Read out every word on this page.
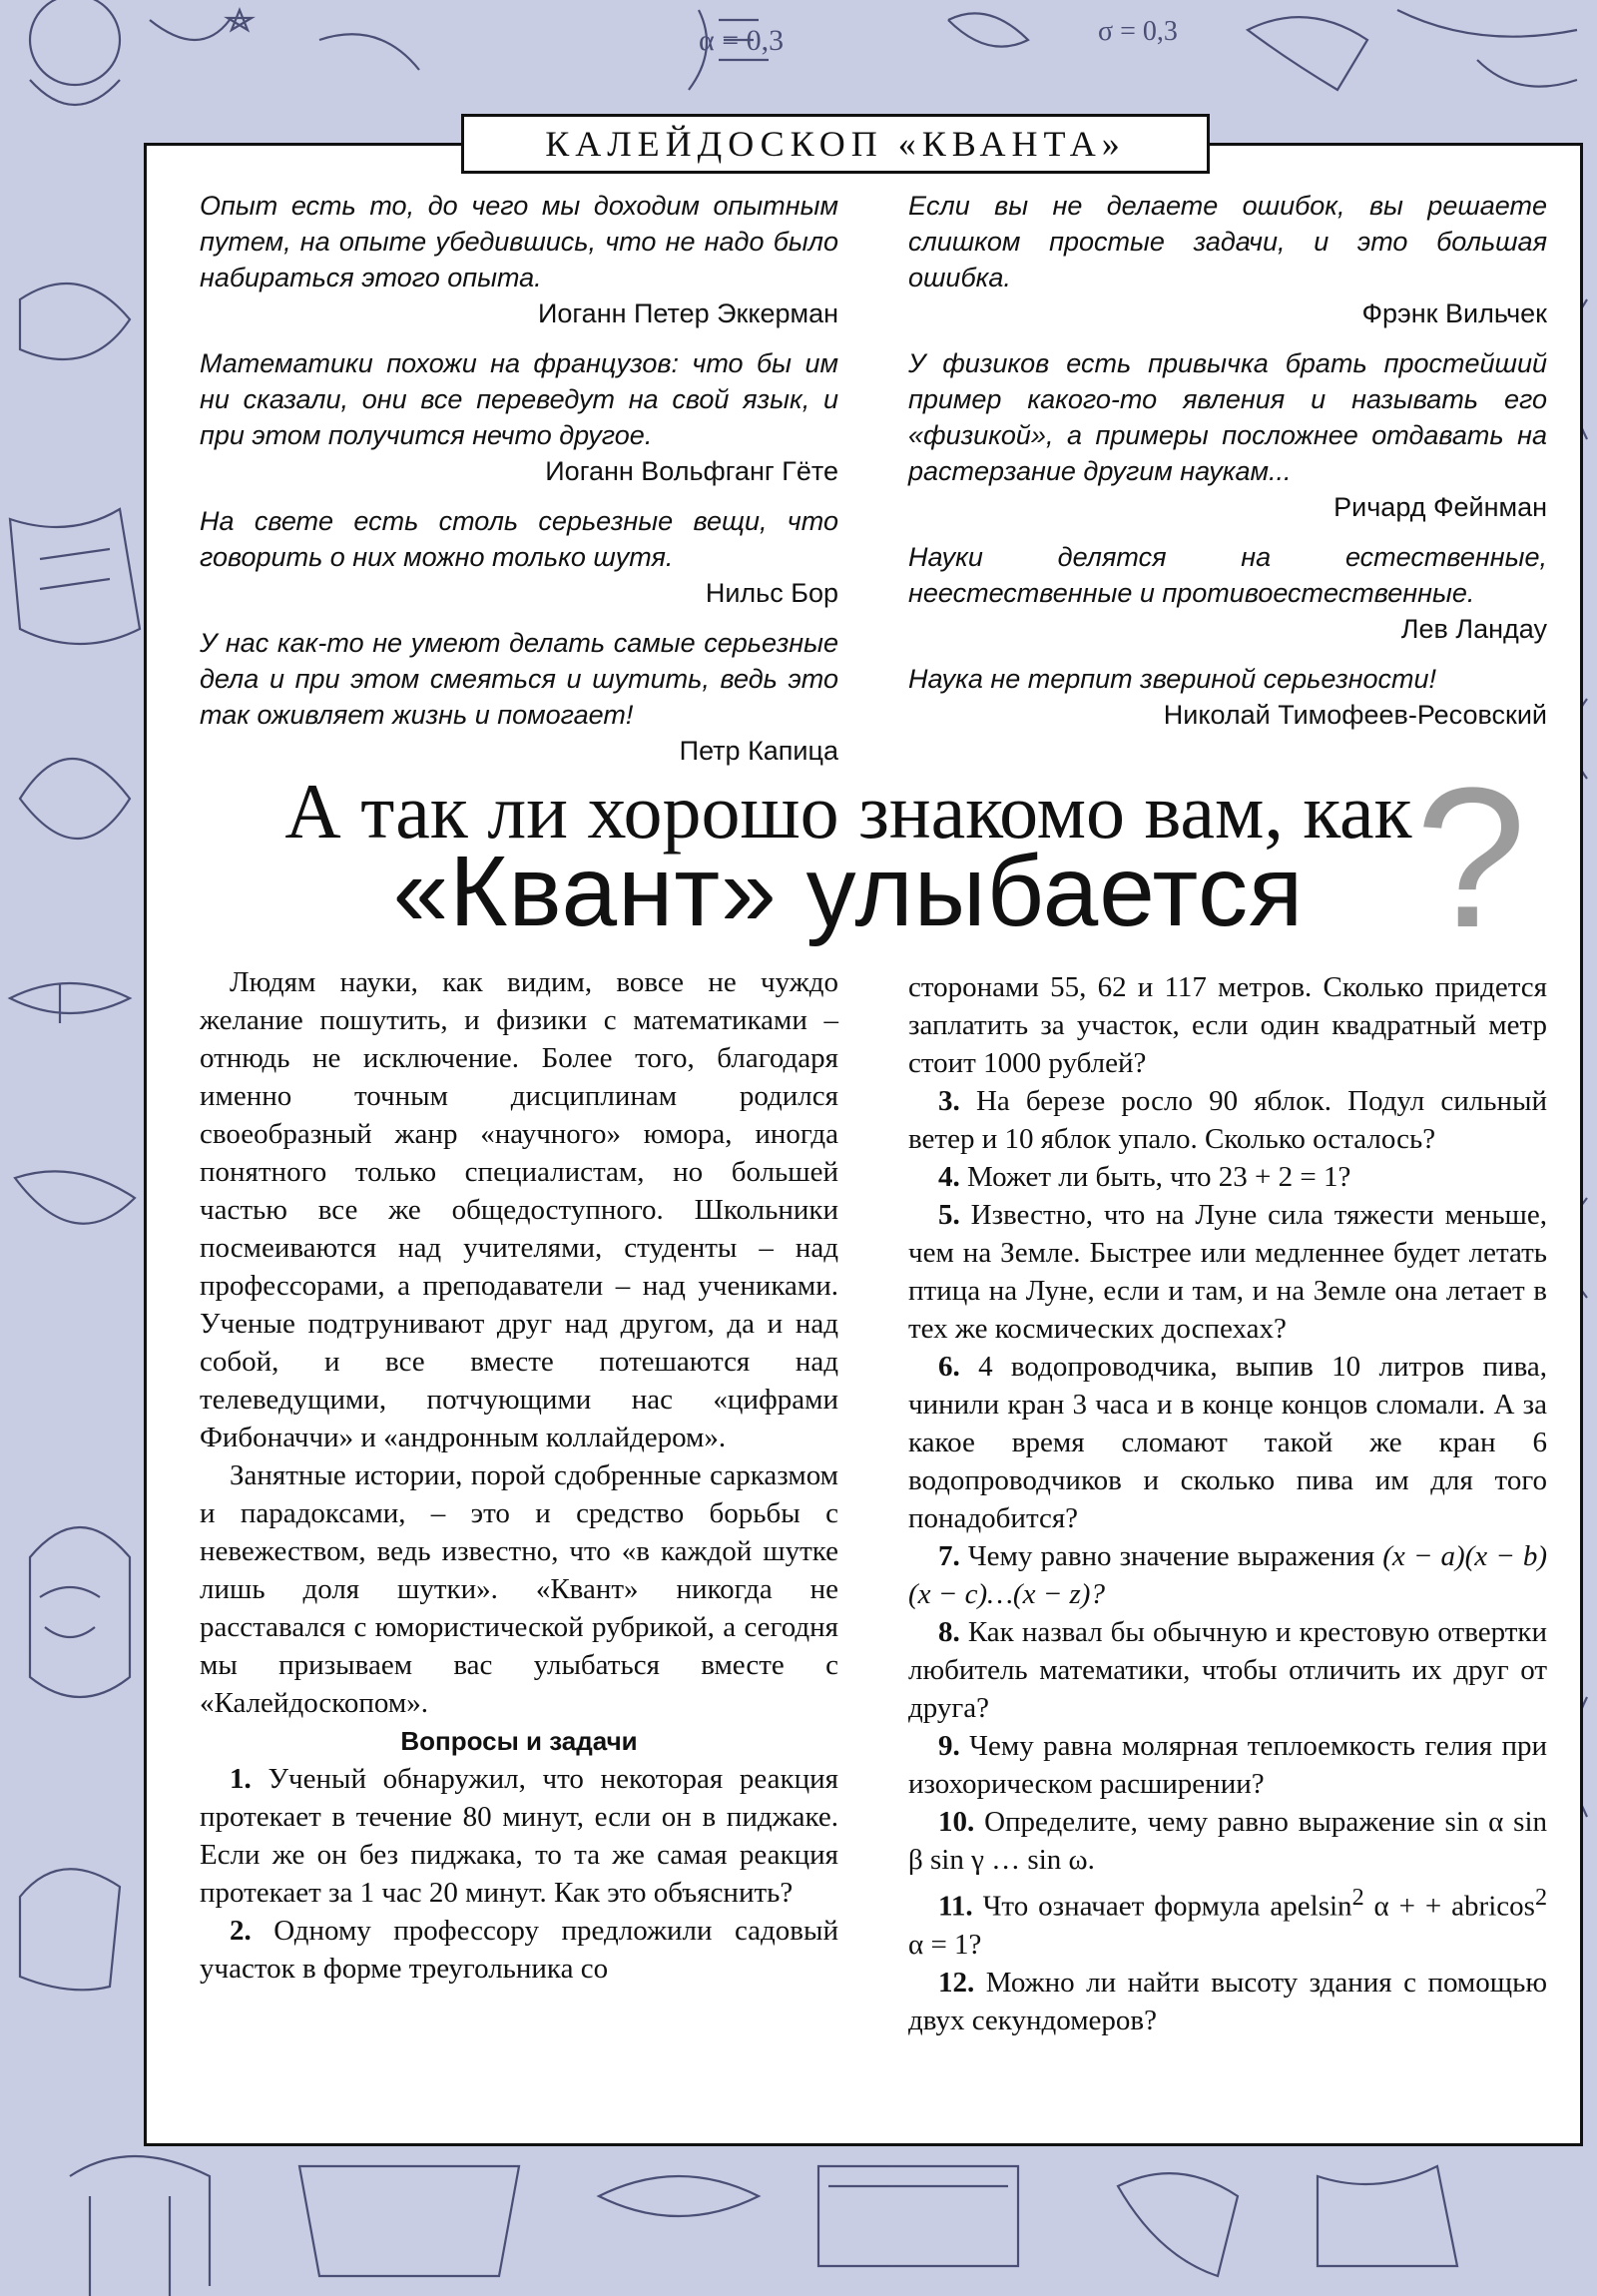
α = 0,3	σ = 0,3
КАЛЕЙДОСКОП «КВАНТА»

Опыт есть то, до чего мы доходим опытным путем, на опыте убедившись, что не надо было набираться этого опыта.

Иоганн Петер Эккерман

Математики похожи на французов: что бы им ни сказали, они все переведут на свой язык, и при этом получится нечто другое.

Иоганн Вольфганг Гёте

На свете есть столь серьезные вещи, что говорить о них можно только шутя.

Нильс Бор

У нас как-то не умеют делать самые серьезные дела и при этом смеяться и шутить, ведь это так оживляет жизнь и помогает!

Петр Капица

Если вы не делаете ошибок, вы решаете слишком простые задачи, и это большая ошибка.

Фрэнк Вильчек

У физиков есть привычка брать простейший пример какого-то явления и называть его «физикой», а примеры посложнее отдавать на растерзание другим наукам...

Ричард Фейнман

Науки делятся на естественные, неестественные и противоестественные.

Лев Ландау

Наука не терпит звериной серьезности!

Николай Тимофеев-Ресовский

А так ли хорошо знакомо вам, как
«Квант» улыбается ?

Людям науки, как видим, вовсе не чуждо желание пошутить, и физики с математиками – отнюдь не исключение. Более того, благодаря именно точным дисциплинам родился своеобразный жанр «научного» юмора, иногда понятного только специалистам, но большей частью все же общедоступного. Школьники посмеиваются над учителями, студенты – над профессорами, а преподаватели – над учениками. Ученые подтрунивают друг над другом, да и над собой, и все вместе потешаются над телеведущими, потчующими нас «цифрами Фибоначчи» и «андронным коллайдером».

Занятные истории, порой сдобренные сарказмом и парадоксами, – это и средство борьбы с невежеством, ведь известно, что «в каждой шутке лишь доля шутки». «Квант» никогда не расставался с юмористической рубрикой, а сегодня мы призываем вас улыбаться вместе с «Калейдоскопом».

Вопросы и задачи

1. Ученый обнаружил, что некоторая реакция протекает в течение 80 минут, если он в пиджаке. Если же он без пиджака, то та же самая реакция протекает за 1 час 20 минут. Как это объяснить?

2. Одному профессору предложили садовый участок в форме треугольника со

сторонами 55, 62 и 117 метров. Сколько придется заплатить за участок, если один квадратный метр стоит 1000 рублей?

3. На березе росло 90 яблок. Подул сильный ветер и 10 яблок упало. Сколько осталось?

4. Может ли быть, что 23 + 2 = 1?

5. Известно, что на Луне сила тяжести меньше, чем на Земле. Быстрее или медленнее будет летать птица на Луне, если и там, и на Земле она летает в тех же космических доспехах?

6. 4 водопроводчика, выпив 10 литров пива, чинили кран 3 часа и в конце концов сломали. А за какое время сломают такой же кран 6 водопроводчиков и сколько пива им для того понадобится?

7. Чему равно значение выражения (x − a)(x − b)(x − c)…(x − z)?

8. Как назвал бы обычную и крестовую отвертки любитель математики, чтобы отличить их друг от друга?

9. Чему равна молярная теплоемкость гелия при изохорическом расширении?

10. Определите, чему равно выражение sin α sin β sin γ … sin ω.

11. Что означает формула apelsin$^2$ α + + abricos$^2$ α = 1?

12. Можно ли найти высоту здания с помощью двух секундомеров?
